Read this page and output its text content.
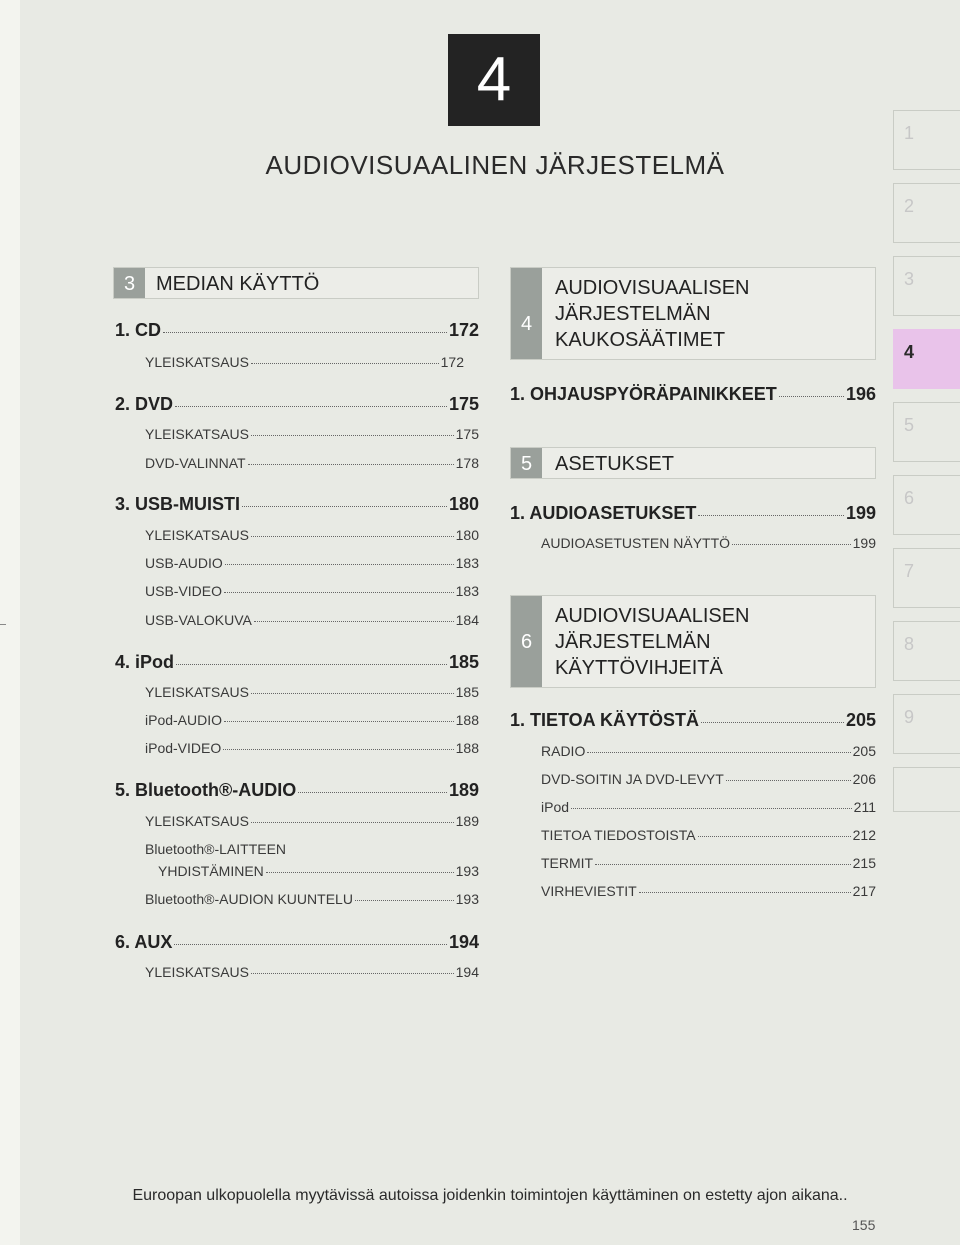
4
AUDIOVISUAALINEN JÄRJESTELMÄ
1
2
3
4
5
6
7
8
9
3	MEDIAN KÄYTTÖ
1. CD	172
YLEISKATSAUS	172
2. DVD	175
YLEISKATSAUS	175
DVD-VALINNAT	178
3. USB-MUISTI	180
YLEISKATSAUS	180
USB-AUDIO	183
USB-VIDEO	183
USB-VALOKUVA	184
4. iPod	185
YLEISKATSAUS	185
iPod-AUDIO	188
iPod-VIDEO	188
5. Bluetooth®-AUDIO	189
YLEISKATSAUS	189
Bluetooth®-LAITTEEN
YHDISTÄMINEN	193
Bluetooth®-AUDION KUUNTELU	193
6. AUX	194
YLEISKATSAUS	194
4
AUDIOVISUAALISEN
JÄRJESTELMÄN
KAUKOSÄÄTIMET
1. OHJAUSPYÖRÄPAINIKKEET	196
5	ASETUKSET
1. AUDIOASETUKSET	199
AUDIOASETUSTEN NÄYTTÖ	199
6
AUDIOVISUAALISEN
JÄRJESTELMÄN
KÄYTTÖVIHJEITÄ
1. TIETOA KÄYTÖSTÄ	205
RADIO	205
DVD-SOITIN JA DVD-LEVYT	206
iPod	211
TIETOA TIEDOSTOISTA	212
TERMIT	215
VIRHEVIESTIT	217
Euroopan ulkopuolella myytävissä autoissa joidenkin toimintojen käyttäminen on estetty ajon aikana..
155
